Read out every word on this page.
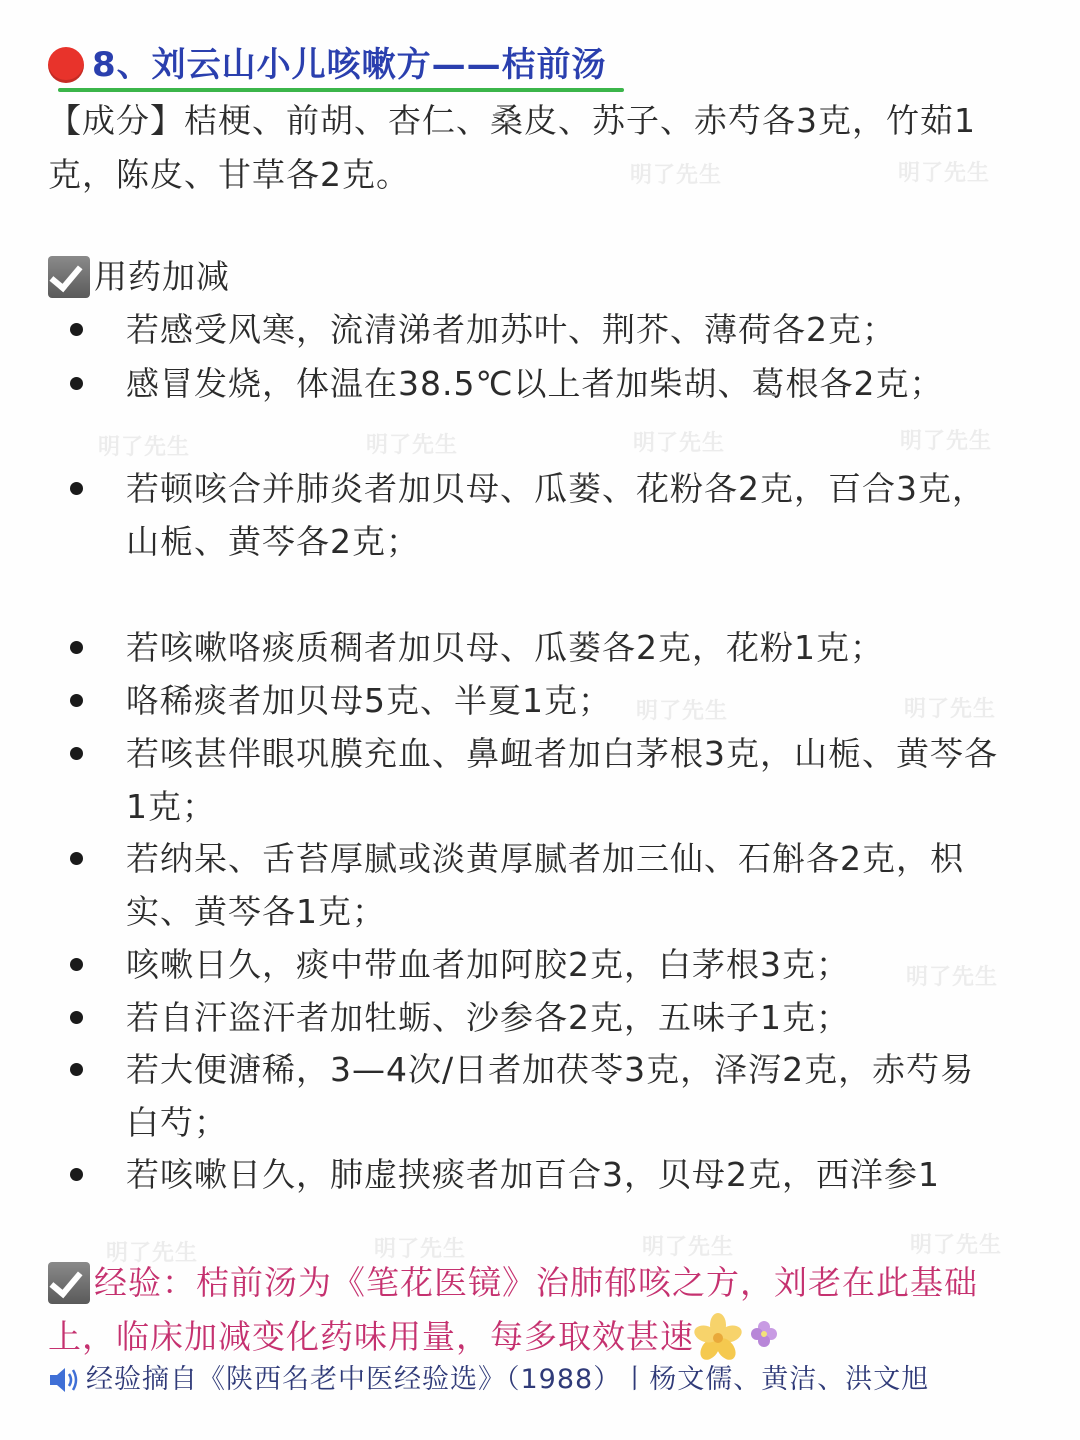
明了先生	明了先生
明了先生	明了先生	明了先生	明了先生
明了先生	明了先生
明了先生
明了先生	明了先生	明了先生	明了先生
8、刘云山小儿咳嗽方——桔前汤

【成分】桔梗、前胡、杏仁、桑皮、苏子、赤芍各3克，竹茹1克，陈皮、甘草各2克。

用药加减
若感受风寒，流清涕者加苏叶、荆芥、薄荷各2克；
感冒发烧，体温在38.5℃以上者加柴胡、葛根各2克；
若顿咳合并肺炎者加贝母、瓜蒌、花粉各2克，百合3克，山栀、黄芩各2克；
若咳嗽咯痰质稠者加贝母、瓜蒌各2克，花粉1克；
咯稀痰者加贝母5克、半夏1克；
若咳甚伴眼巩膜充血、鼻衄者加白茅根3克，山栀、黄芩各1克；
若纳呆、舌苔厚腻或淡黄厚腻者加三仙、石斛各2克，枳实、黄芩各1克；
咳嗽日久，痰中带血者加阿胶2克，白茅根3克；
若自汗盗汗者加牡蛎、沙参各2克，五味子1克；
若大便溏稀，3—4次/日者加茯苓3克，泽泻2克，赤芍易白芍；
若咳嗽日久，肺虚挟痰者加百合3，贝母2克，西洋参1
经验：桔前汤为《笔花医镜》治肺郁咳之方，刘老在此基础上，临床加减变化药味用量，每多取效甚速
经验摘自《陕西名老中医经验选》（1988）丨杨文儒、黄洁、洪文旭
